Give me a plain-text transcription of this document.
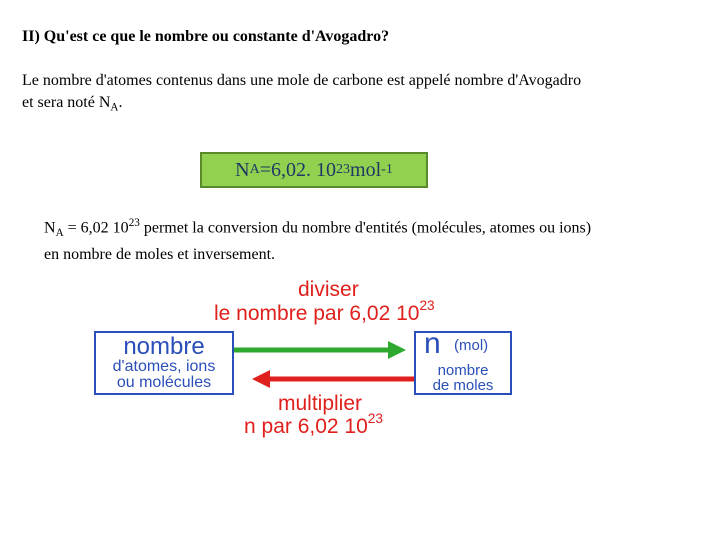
II) Qu'est ce que le nombre ou constante d'Avogadro?
Le nombre d'atomes contenus dans une mole de carbone est appelé nombre d'Avogadro
et sera noté $N_A$.
N A =6,02. 10 23 mol -1
$N_A = 6,02$ $10^{23}$ permet la conversion du nombre d'entités (molécules, atomes ou ions) en nombre de moles et inversement.
diviser
le nombre par 6,02 $10^{23}$
nombre
d'atomes, ions
ou molécules
n (mol)
nombre
de moles
multiplier
n par 6,02 $10^{23}$
